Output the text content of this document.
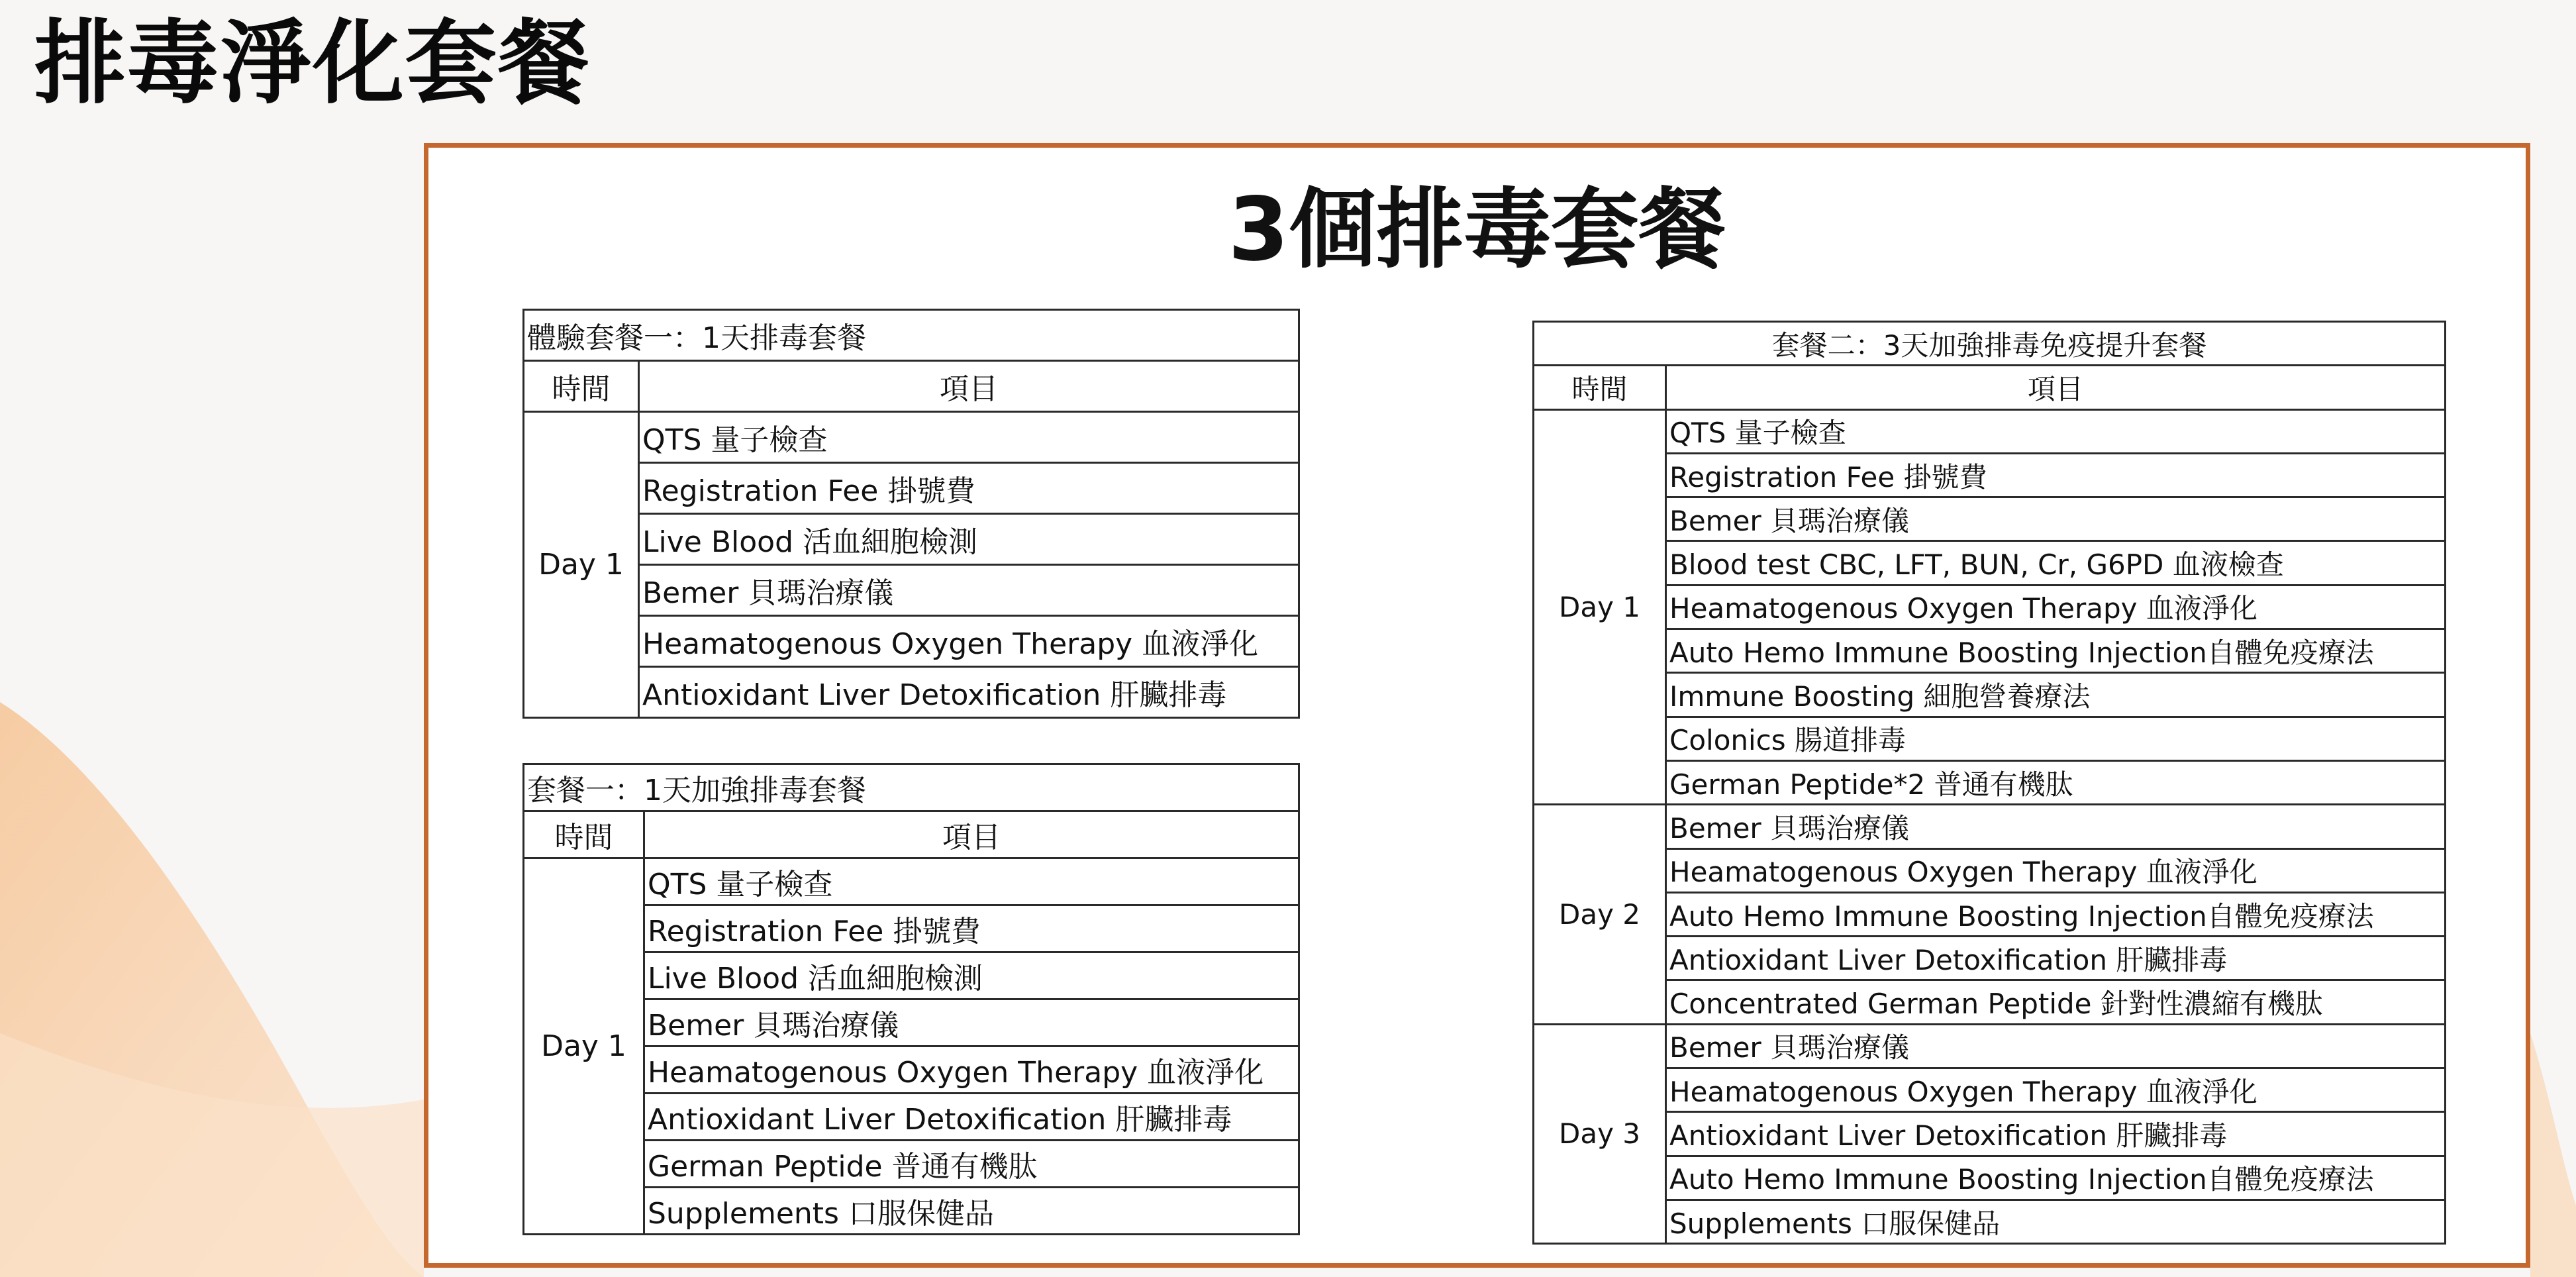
排毒淨化套餐
3個排毒套餐
體驗套餐一：1天排毒套餐	
時間	項目
Day 1	QTS 量子檢查
	Registration Fee 掛號費
	Live Blood 活血細胞檢測
	Bemer 貝瑪治療儀
	Heamatogenous Oxygen Therapy 血液淨化
	Antioxidant Liver Detoxification 肝臟排毒
套餐一：1天加強排毒套餐	
時間	項目
Day 1	QTS 量子檢查
	Registration Fee 掛號費
	Live Blood 活血細胞檢測
	Bemer 貝瑪治療儀
	Heamatogenous Oxygen Therapy 血液淨化
	Antioxidant Liver Detoxification 肝臟排毒
	German Peptide 普通有機肽
	Supplements 口服保健品
套餐二：3天加強排毒免疫提升套餐	
時間	項目
Day 1	QTS 量子檢查
	Registration Fee 掛號費
	Bemer 貝瑪治療儀
	Blood test CBC, LFT, BUN, Cr, G6PD 血液檢查
	Heamatogenous Oxygen Therapy 血液淨化
	Auto Hemo Immune Boosting Injection自體免疫療法
	Immune Boosting 細胞營養療法
	Colonics 腸道排毒
	German Peptide*2 普通有機肽
Day 2	Bemer 貝瑪治療儀
	Heamatogenous Oxygen Therapy 血液淨化
	Auto Hemo Immune Boosting Injection自體免疫療法
	Antioxidant Liver Detoxification 肝臟排毒
	Concentrated German Peptide 針對性濃縮有機肽
Day 3	Bemer 貝瑪治療儀
	Heamatogenous Oxygen Therapy 血液淨化
	Antioxidant Liver Detoxification 肝臟排毒
	Auto Hemo Immune Boosting Injection自體免疫療法
	Supplements 口服保健品
